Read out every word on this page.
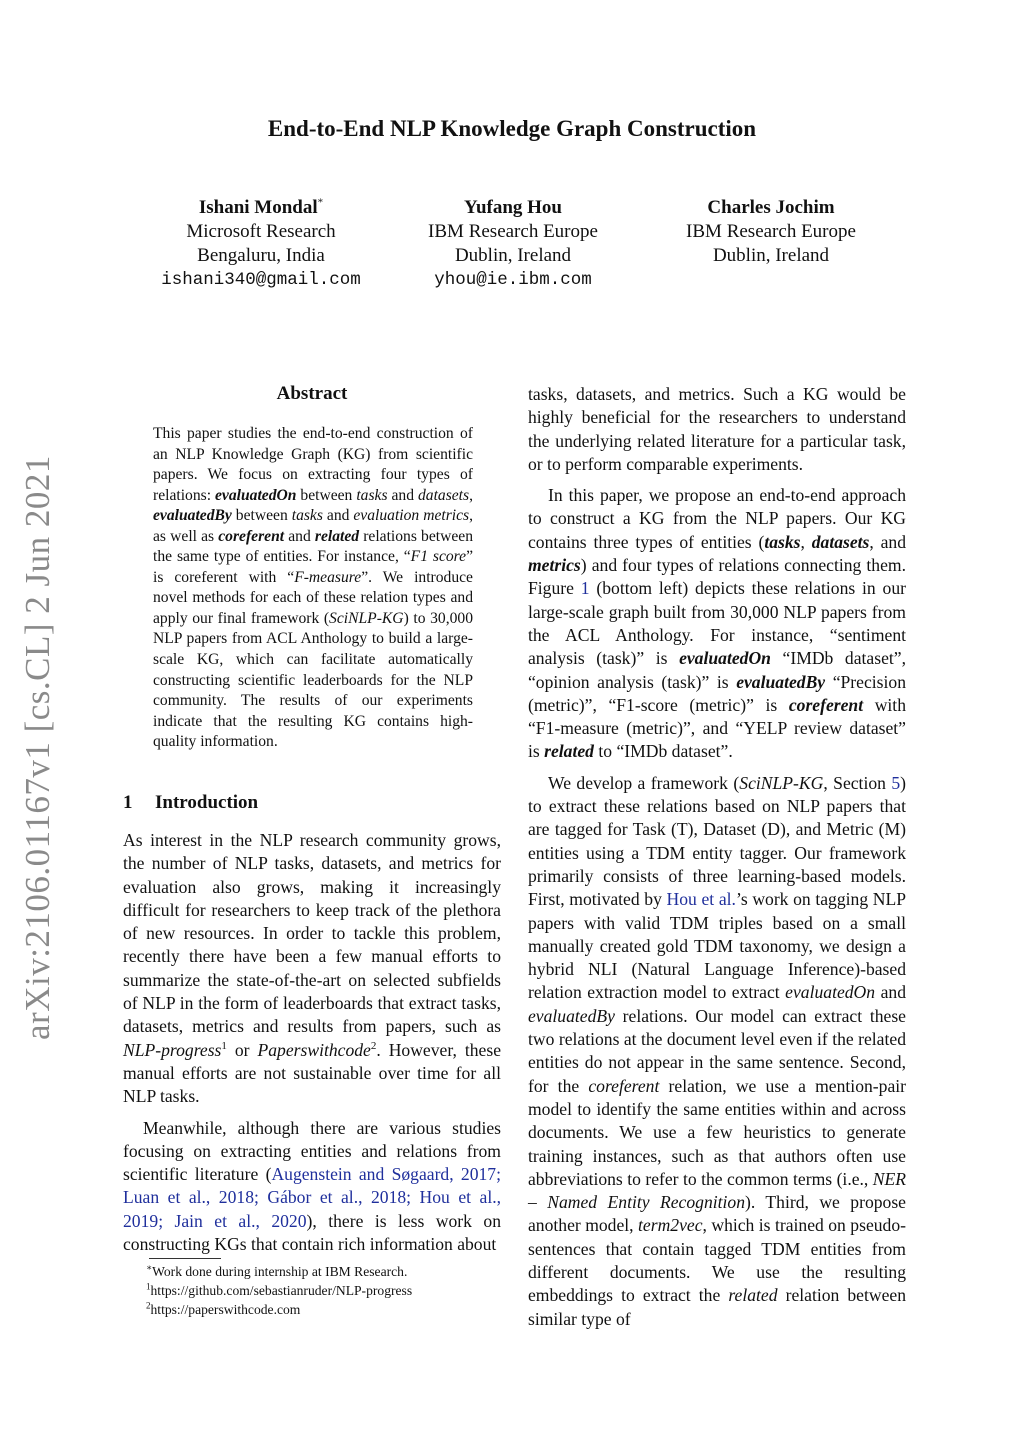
arXiv:2106.01167v1 [cs.CL] 2 Jun 2021
End-to-End NLP Knowledge Graph Construction
Ishani Mondal*
Microsoft Research
Bengaluru, India
ishani340@gmail.com
Yufang Hou
IBM Research Europe
Dublin, Ireland
yhou@ie.ibm.com
Charles Jochim
IBM Research Europe
Dublin, Ireland
Abstract

This paper studies the end-to-end construction of an NLP Knowledge Graph (KG) from scientific papers. We focus on extracting four types of relations: evaluatedOn between tasks and datasets, evaluatedBy between tasks and evaluation metrics, as well as coreferent and related relations between the same type of entities. For instance, “F1 score” is coreferent with “F-measure”. We introduce novel methods for each of these relation types and apply our final framework (SciNLP-KG) to 30,000 NLP papers from ACL Anthology to build a large-scale KG, which can facilitate automatically constructing scientific leaderboards for the NLP community. The results of our experiments indicate that the resulting KG contains high-quality information.

1 Introduction

As interest in the NLP research community grows, the number of NLP tasks, datasets, and metrics for evaluation also grows, making it increasingly difficult for researchers to keep track of the plethora of new resources. In order to tackle this problem, recently there have been a few manual efforts to summarize the state-of-the-art on selected subfields of NLP in the form of leaderboards that extract tasks, datasets, metrics and results from papers, such as NLP-progress$^1$ or Paperswithcode$^2$. However, these manual efforts are not sustainable over time for all NLP tasks.

Meanwhile, although there are various studies focusing on extracting entities and relations from scientific literature (Augenstein and Søgaard, 2017; Luan et al., 2018; Gábor et al., 2018; Hou et al., 2019; Jain et al., 2020), there is less work on constructing KGs that contain rich information about

tasks, datasets, and metrics. Such a KG would be highly beneficial for the researchers to understand the underlying related literature for a particular task, or to perform comparable experiments.

In this paper, we propose an end-to-end approach to construct a KG from the NLP papers. Our KG contains three types of entities (tasks, datasets, and metrics) and four types of relations connecting them. Figure 1 (bottom left) depicts these relations in our large-scale graph built from 30,000 NLP papers from the ACL Anthology. For instance, “sentiment analysis (task)” is evaluatedOn “IMDb dataset”, “opinion analysis (task)” is evaluatedBy “Precision (metric)”, “F1-score (metric)” is coreferent with “F1-measure (metric)”, and “YELP review dataset” is related to “IMDb dataset”.

We develop a framework (SciNLP-KG, Section 5) to extract these relations based on NLP papers that are tagged for Task (T), Dataset (D), and Metric (M) entities using a TDM entity tagger. Our framework primarily consists of three learning-based models. First, motivated by Hou et al.’s work on tagging NLP papers with valid TDM triples based on a small manually created gold TDM taxonomy, we design a hybrid NLI (Natural Language Inference)-based relation extraction model to extract evaluatedOn and evaluatedBy relations. Our model can extract these two relations at the document level even if the related entities do not appear in the same sentence. Second, for the coreferent relation, we use a mention-pair model to identify the same entities within and across documents. We use a few heuristics to generate training instances, such as that authors often use abbreviations to refer to the common terms (i.e., NER – Named Entity Recognition). Third, we propose another model, term2vec, which is trained on pseudo-sentences that contain tagged TDM entities from different documents. We use the resulting embeddings to extract the related relation between similar type of

∗Work done during internship at IBM Research.
$^1$https://github.com/sebastianruder/NLP-progress
$^2$https://paperswithcode.com
